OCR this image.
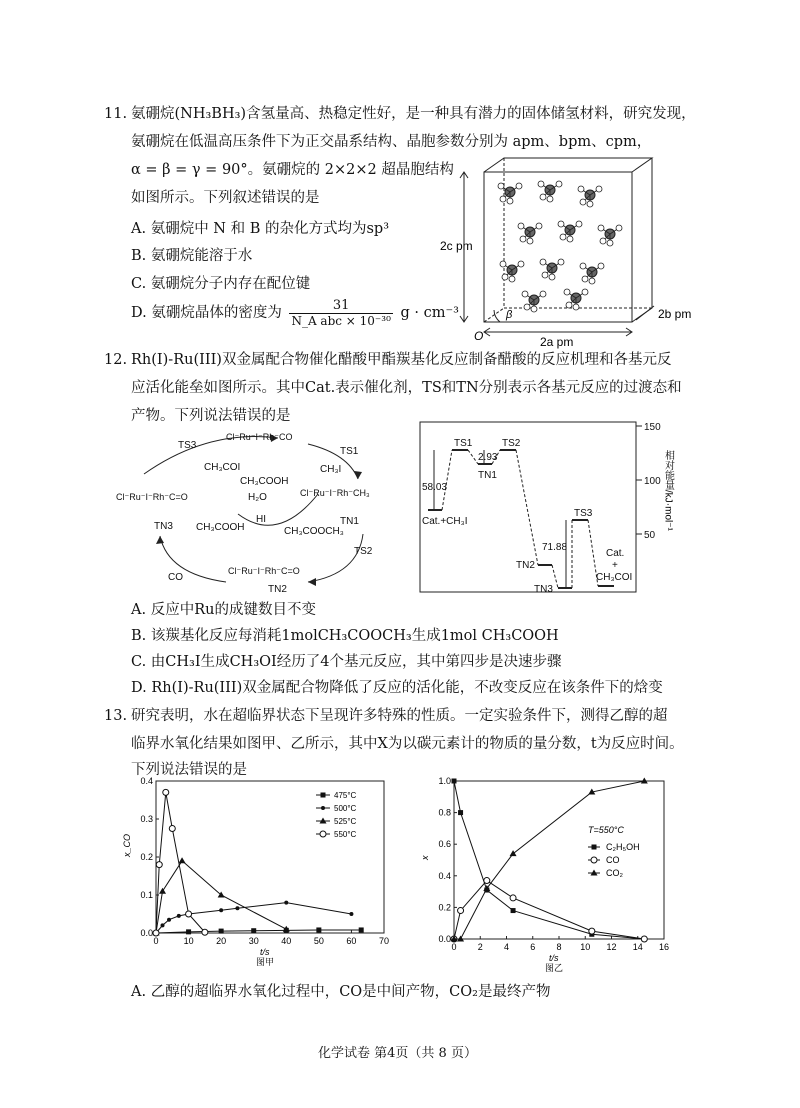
11. 氨硼烷(NH₃BH₃)含氢量高、热稳定性好，是一种具有潜力的固体储氢材料，研究发现，
氨硼烷在低温高压条件下为正交晶系结构、晶胞参数分别为 apm、bpm、cpm，
α = β = γ = 90°。氨硼烷的 2×2×2 超晶胞结构
如图所示。下列叙述错误的是
A. 氨硼烷中 N 和 B 的杂化方式均为sp³
B. 氨硼烷能溶于水
C. 氨硼烷分子内存在配位键
D. 氨硼烷晶体的密度为 $\frac{31}{\text{N\_A abc × 10⁻³⁰}}$ g · cm⁻³
2c pm
O
β
2a pm
2b pm
12. Rh(I)-Ru(III)双金属配合物催化醋酸甲酯羰基化反应制备醋酸的反应机理和各基元反
应活化能垒如图所示。其中Cat.表示催化剂，TS和TN分别表示各基元反应的过渡态和
产物。下列说法错误的是
TS3
TS1
TS2
TN1
TN2
TN3
CH₃COI
CH₃COOH
CH₃I
H₂O
HI
CH₃COOH	CH₃COOCH₃
CO
Cl⁻Ru⁻I⁻Rh⁻CO
Cl⁻Ru⁻I⁻Rh⁻C=O	Cl⁻Ru⁻I⁻Rh⁻CH₃
Cl⁻Ru⁻I⁻Rh⁻C=O
150
100
50
相对能量/kJ·mol⁻¹
TS1	TS2
TS3
TN1
TN2
TN3
Cat.+CH₃I
Cat.
+
CH₃COI
58.03
2.93
71.88
A. 反应中Ru的成键数目不变
B. 该羰基化反应每消耗1molCH₃COOCH₃生成1mol CH₃COOH
C. 由CH₃I生成CH₃OI经历了4个基元反应，其中第四步是决速步骤
D. Rh(I)-Ru(III)双金属配合物降低了反应的活化能，不改变反应在该条件下的焓变
13. 研究表明，水在超临界状态下呈现许多特殊的性质。一定实验条件下，测得乙醇的超
临界水氧化结果如图甲、乙所示，其中X为以碳元素计的物质的量分数，t为反应时间。
下列说法错误的是
0	10	20	30	40	50	60	70
0.0
0.1
0.2
0.3
0.4
t/s
x_CO
图甲
475°C
500°C
525°C
550°C
0 2 4 6 8 10 12 14 16
0.0
0.2
0.4
0.6
0.8
1.0
t/s
x
图乙
T=550°C
C₂H₅OH
CO
CO₂
A. 乙醇的超临界水氧化过程中，CO是中间产物，CO₂是最终产物
化学试卷 第4页（共 8 页）
